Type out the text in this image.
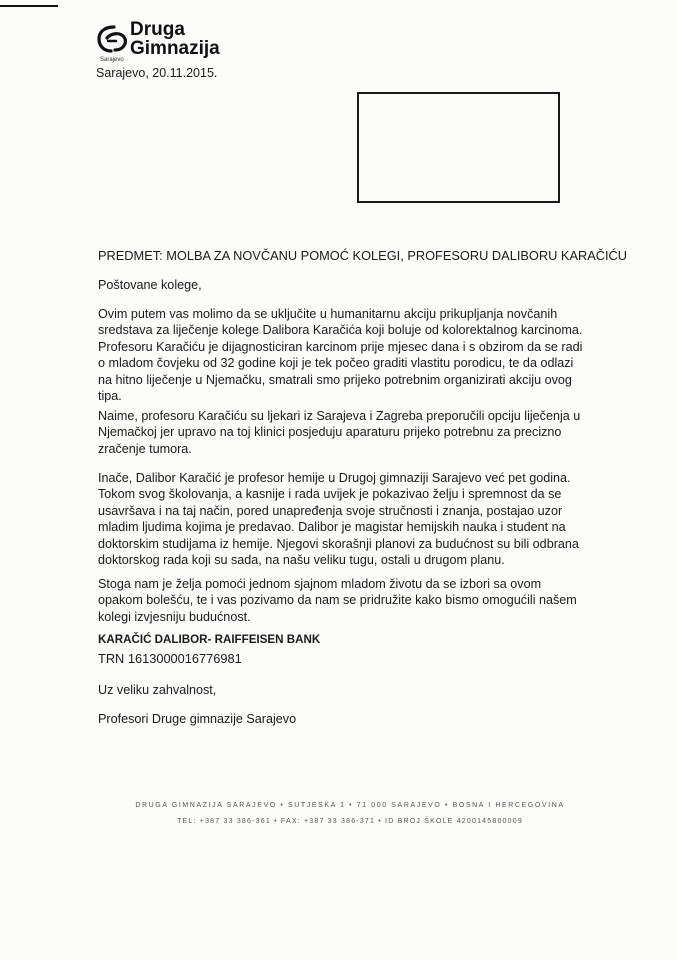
Druga
Gimnazija
Sarajevo
Sarajevo, 20.11.2015.
PREDMET: MOLBA ZA NOVČANU POMOĆ KOLEGI, PROFESORU DALIBORU KARAČIĆU
Poštovane kolege,
Ovim putem vas molimo da se uključite u humanitarnu akciju prikupljanja novčanih sredstava za liječenje kolege Dalibora Karačića koji boluje od kolorektalnog karcinoma. Profesoru Karačiću je dijagnosticiran karcinom prije mjesec dana i s obzirom da se radi o mladom čovjeku od 32 godine koji je tek počeo graditi vlastitu porodicu, te da odlazi na hitno liječenje u Njemačku, smatrali smo prijeko potrebnim organizirati akciju ovog tipa.
Naime, profesoru Karačiću su ljekari iz Sarajeva i Zagreba preporučili opciju liječenja u Njemačkoj jer upravo na toj klinici posjeduju aparaturu prijeko potrebnu za precizno zračenje tumora.
Inače, Dalibor Karačić je profesor hemije u Drugoj gimnaziji Sarajevo već pet godina. Tokom svog školovanja, a kasnije i rada uvijek je pokazivao želju i spremnost da se usavršava i na taj način, pored unapređenja svoje stručnosti i znanja, postajao uzor mladim ljudima kojima je predavao. Dalibor je magistar hemijskih nauka i student na doktorskim studijama iz hemije. Njegovi skorašnji planovi za budućnost su bili odbrana doktorskog rada koji su sada, na našu veliku tugu, ostali u drugom planu.
Stoga nam je želja pomoći jednom sjajnom mladom životu da se izbori sa ovom opakom bolešću, te i vas pozivamo da nam se pridružite kako bismo omogućili našem kolegi izvjesniju budućnost.
KARAČIĆ DALIBOR- RAIFFEISEN BANK
TRN 1613000016776981
Uz veliku zahvalnost,
Profesori Druge gimnazije Sarajevo
DRUGA GIMNAZIJA SARAJEVO • SUTJESKA 1 • 71 000 SARAJEVO • BOSNA I HERCEGOVINA
TEL: +387 33 386-361 • FAX: +387 33 386-371 • ID BROJ ŠKOLE 4200145800009
